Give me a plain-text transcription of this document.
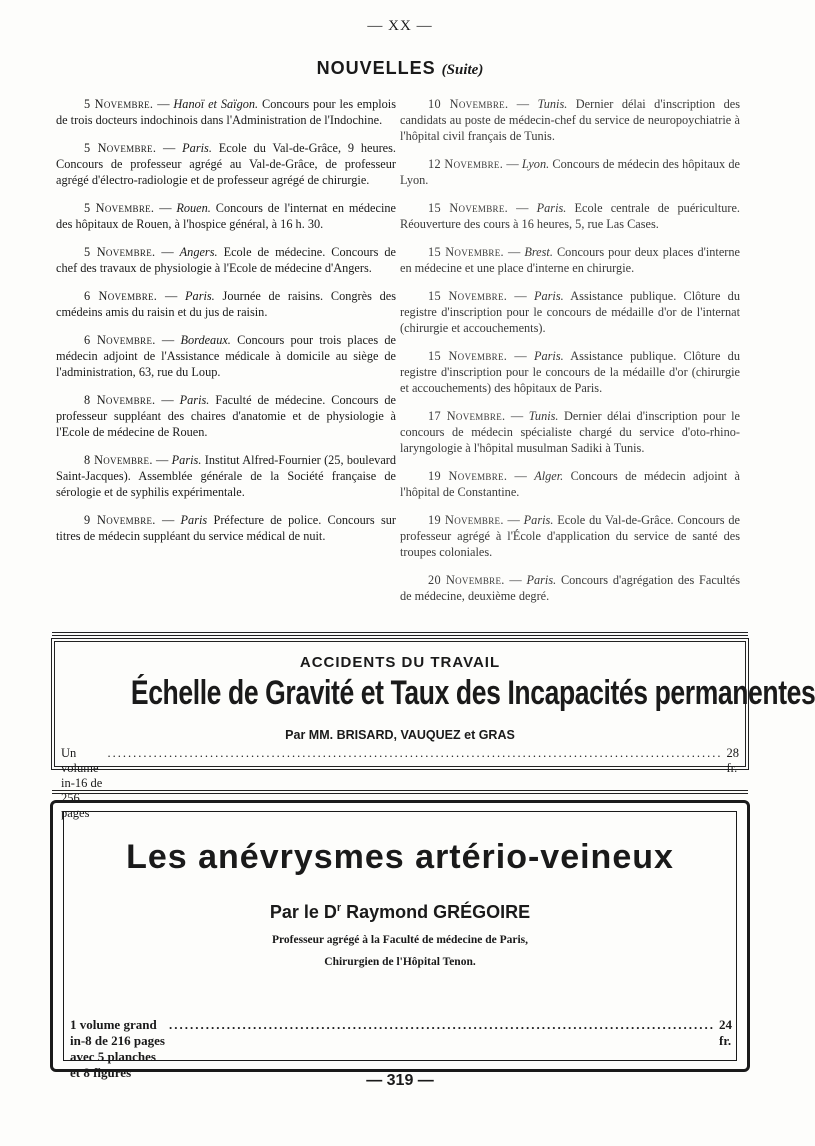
— XX —
NOUVELLES (Suite)

5 Novembre. — Hanoï et Saïgon. Concours pour les emplois de trois docteurs indochinois dans l'Administration de l'Indochine.

5 Novembre. — Paris. Ecole du Val-de-Grâce, 9 heures. Concours de professeur agrégé au Val-de-Grâce, de professeur agrégé d'électro-radiologie et de professeur agrégé de chirurgie.

5 Novembre. — Rouen. Concours de l'internat en médecine des hôpitaux de Rouen, à l'hospice général, à 16 h. 30.

5 Novembre. — Angers. Ecole de médecine. Concours de chef des travaux de physiologie à l'Ecole de médecine d'Angers.

6 Novembre. — Paris. Journée de raisins. Congrès des cmédeins amis du raisin et du jus de raisin.

6 Novembre. — Bordeaux. Concours pour trois places de médecin adjoint de l'Assistance médicale à domicile au siège de l'administration, 63, rue du Loup.

8 Novembre. — Paris. Faculté de médecine. Concours de professeur suppléant des chaires d'anatomie et de physiologie à l'Ecole de médecine de Rouen.

8 Novembre. — Paris. Institut Alfred-Fournier (25, boulevard Saint-Jacques). Assemblée générale de la Société française de sérologie et de syphilis expérimentale.

9 Novembre. — Paris Préfecture de police. Concours sur titres de médecin suppléant du service médical de nuit.

10 Novembre. — Tunis. Dernier délai d'inscription des candidats au poste de médecin-chef du service de neuropoychiatrie à l'hôpital civil français de Tunis.

12 Novembre. — Lyon. Concours de médecin des hôpitaux de Lyon.

15 Novembre. — Paris. Ecole centrale de puériculture. Réouverture des cours à 16 heures, 5, rue Las Cases.

15 Novembre. — Brest. Concours pour deux places d'interne en médecine et une place d'interne en chirurgie.

15 Novembre. — Paris. Assistance publique. Clôture du registre d'inscription pour le concours de médaille d'or de l'internat (chirurgie et accouchements).

15 Novembre. — Paris. Assistance publique. Clôture du registre d'inscription pour le concours de la médaille d'or (chirurgie et accouchements) des hôpitaux de Paris.

17 Novembre. — Tunis. Dernier délai d'inscription pour le concours de médecin spécialiste chargé du service d'oto-rhino-laryngologie à l'hôpital musulman Sadiki à Tunis.

19 Novembre. — Alger. Concours de médecin adjoint à l'hôpital de Constantine.

19 Novembre. — Paris. Ecole du Val-de-Grâce. Concours de professeur agrégé à l'École d'application du service de santé des troupes coloniales.

20 Novembre. — Paris. Concours d'agrégation des Facultés de médecine, deuxième degré.

ACCIDENTS DU TRAVAIL
Échelle de Gravité et Taux des Incapacités permanentes
Par MM. BRISARD, VAUQUEZ et GRAS
Un volume in-16 de 256 pages
........................................................................................................................ 28 fr.
Les anévrysmes artério-veineux
Par le $D^r$ Raymond GRÉGOIRE
Professeur agrégé à la Faculté de médecine de Paris,
Chirurgien de l'Hôpital Tenon.
1 volume grand in-8 de 216 pages avec 5 planches et 8 figures
........................................................................................................ 24 fr.
— 319 —
